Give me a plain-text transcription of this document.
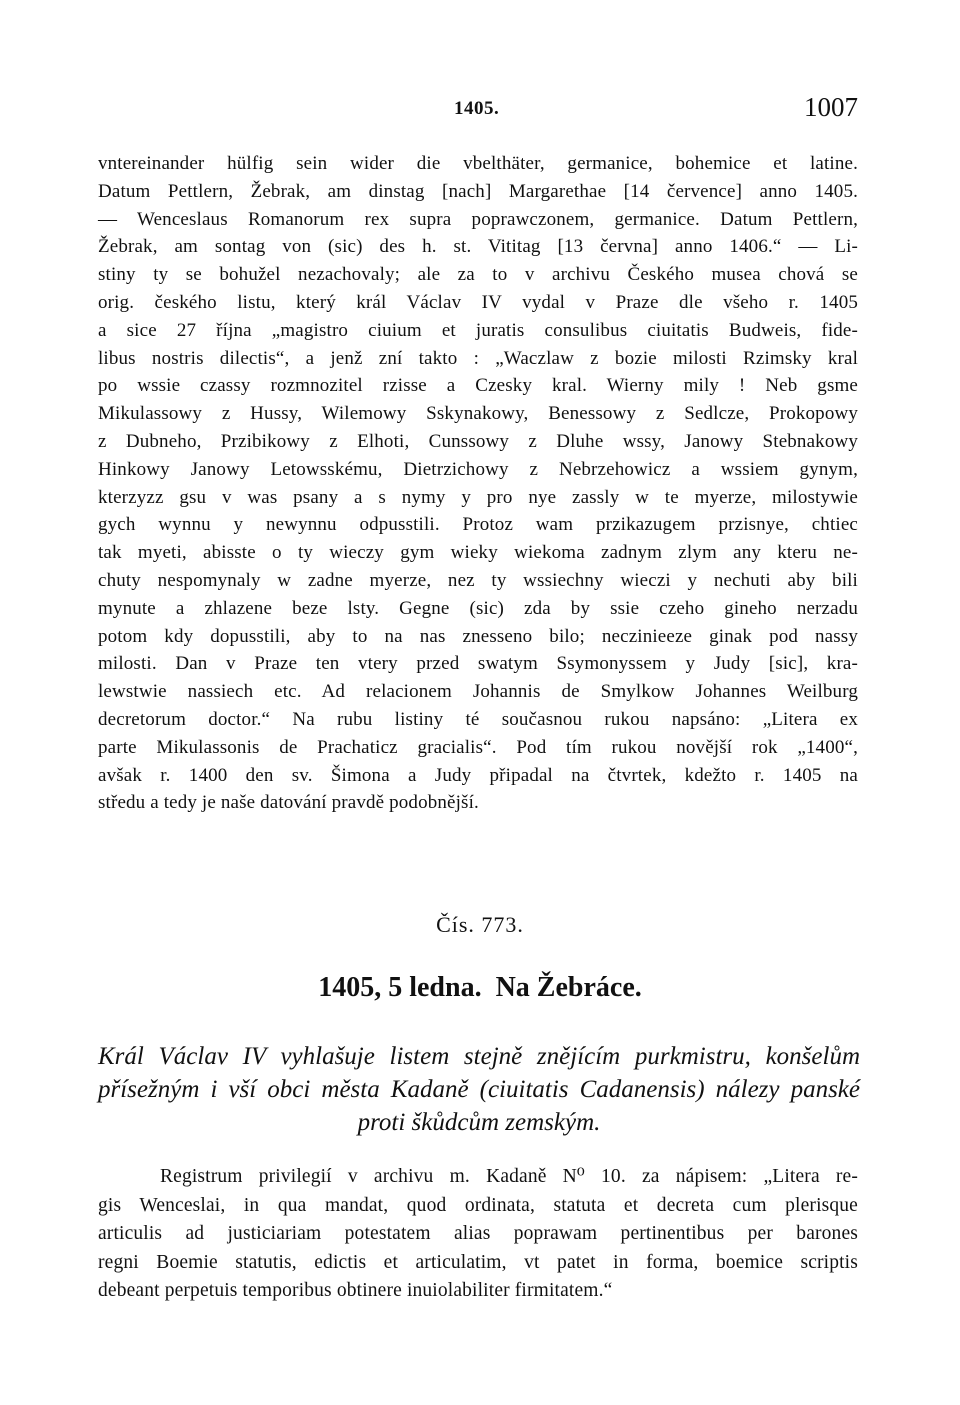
1405.	1007
vntereinander hülfig sein wider die vbelthäter, germanice, bohemice et latine.
Datum Pettlern, Žebrak, am dinstag [nach] Margarethae [14 července] anno 1405.
— Wenceslaus Romanorum rex supra poprawczonem, germanice. Datum Pettlern,
Žebrak, am sontag von (sic) des h. st. Vititag [13 června] anno 1406.“ — Li-
stiny ty se bohužel nezachovaly; ale za to v archivu Českého musea chová se
orig. českého listu, který král Václav IV vydal v Praze dle všeho r. 1405
a sice 27 října „magistro ciuium et juratis consulibus ciuitatis Budweis, fide-
libus nostris dilectis“, a jenž zní takto : „Waczlaw z bozie milosti Rzimsky kral
po wssie czassy rozmnozitel rzisse a Czesky kral. Wierny mily ! Neb gsme
Mikulassowy z Hussy, Wilemowy Sskynakowy, Benessowy z Sedlcze, Prokopowy
z Dubneho, Przibikowy z Elhoti, Cunssowy z Dluhe wssy, Janowy Stebnakowy
Hinkowy Janowy Letowsskému, Dietrzichowy z Nebrzehowicz a wssiem gynym,
kterzyzz gsu v was psany a s nymy y pro nye zassly w te myerze, milostywie
gych wynnu y newynnu odpusstili. Protoz wam przikazugem przisnye, chtiec
tak myeti, abisste o ty wieczy gym wieky wiekoma zadnym zlym any kteru ne-
chuty nespomynaly w zadne myerze, nez ty wssiechny wieczi y nechuti aby bili
mynute a zhlazene beze lsty. Gegne (sic) zda by ssie czeho gineho nerzadu
potom kdy dopusstili, aby to na nas znesseno bilo; neczinieeze ginak pod nassy
milosti. Dan v Praze ten vtery przed swatym Ssymonyssem y Judy [sic], kra-
lewstwie nassiech etc. Ad relacionem Johannis de Smylkow Johannes Weilburg
decretorum doctor.“ Na rubu listiny té současnou rukou napsáno: „Litera ex
parte Mikulassonis de Prachaticz gracialis“. Pod tím rukou novější rok „1400“,
avšak r. 1400 den sv. Šimona a Judy připadal na čtvrtek, kdežto r. 1405 na
středu a tedy je naše datování pravdě podobnější.
Čís. 773.
1405, 5 ledna. Na Žebráce.
Král Václav IV vyhlašuje listem stejně znějícím purkmistru, konšelům
přísežným i vší obci města Kadaně (ciuitatis Cadanensis) nálezy panské
proti škůdcům zemským.
Registrum privilegií v archivu m. Kadaně N⁰ 10. za nápisem: „Litera re-
gis Wenceslai, in qua mandat, quod ordinata, statuta et decreta cum plerisque
articulis ad justiciariam potestatem alias poprawam pertinentibus per barones
regni Boemie statutis, edictis et articulatim, vt patet in forma, boemice scriptis
debeant perpetuis temporibus obtinere inuiolabiliter firmitatem.“
